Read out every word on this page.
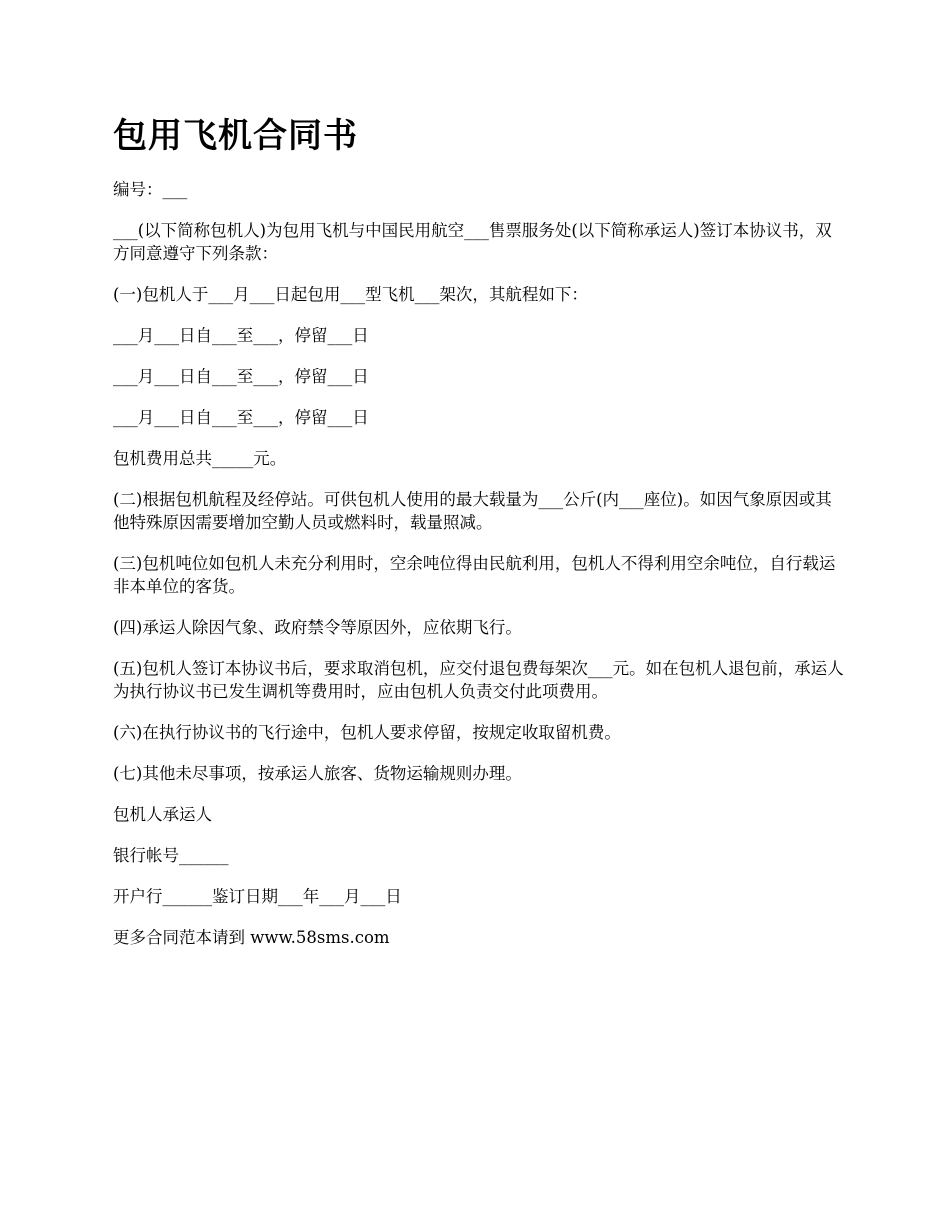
包用飞机合同书

编号：___

___(以下简称包机人)为包用飞机与中国民用航空___售票服务处(以下简称承运人)签订本协议书，双方同意遵守下列条款：

(一)包机人于___月___日起包用___型飞机___架次，其航程如下：

___月___日自___至___，停留___日

___月___日自___至___，停留___日

___月___日自___至___，停留___日

包机费用总共_____元。

(二)根据包机航程及经停站。可供包机人使用的最大载量为___公斤(内___座位)。如因气象原因或其他特殊原因需要增加空勤人员或燃料时，载量照减。

(三)包机吨位如包机人未充分利用时，空余吨位得由民航利用，包机人不得利用空余吨位，自行载运非本单位的客货。

(四)承运人除因气象、政府禁令等原因外，应依期飞行。

(五)包机人签订本协议书后，要求取消包机，应交付退包费每架次___元。如在包机人退包前，承运人为执行协议书已发生调机等费用时，应由包机人负责交付此项费用。

(六)在执行协议书的飞行途中，包机人要求停留，按规定收取留机费。

(七)其他未尽事项，按承运人旅客、货物运输规则办理。

包机人承运人

银行帐号______

开户行______鉴订日期___年___月___日

更多合同范本请到 www.58sms.com
